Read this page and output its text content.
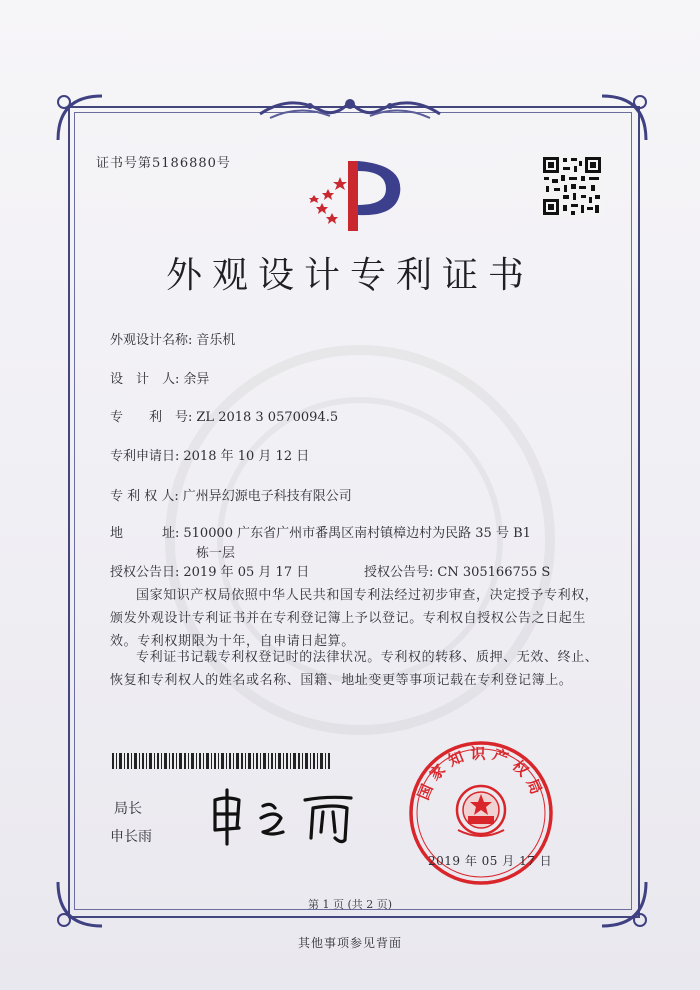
证书号第5186880号
外观设计专利证书
外观设计名称: 音乐机
设　计　人: 余异
专　　利　号: ZL 2018 3 0570094.5
专利申请日: 2018 年 10 月 12 日
专 利 权 人: 广州异幻源电子科技有限公司
地　　　址: 510000 广东省广州市番禺区南村镇樟边村为民路 35 号 B1
栋一层
授权公告日: 2019 年 05 月 17 日	授权公告号: CN 305166755 S
国家知识产权局依照中华人民共和国专利法经过初步审查，决定授予专利权，颁发外观设计专利证书并在专利登记簿上予以登记。专利权自授权公告之日起生效。专利权期限为十年，自申请日起算。
专利证书记载专利权登记时的法律状况。专利权的转移、质押、无效、终止、恢复和专利权人的姓名或名称、国籍、地址变更等事项记载在专利登记簿上。
局长
申长雨
国家知识产权局
2019 年 05 月 17 日
第 1 页 (共 2 页)
其他事项参见背面
